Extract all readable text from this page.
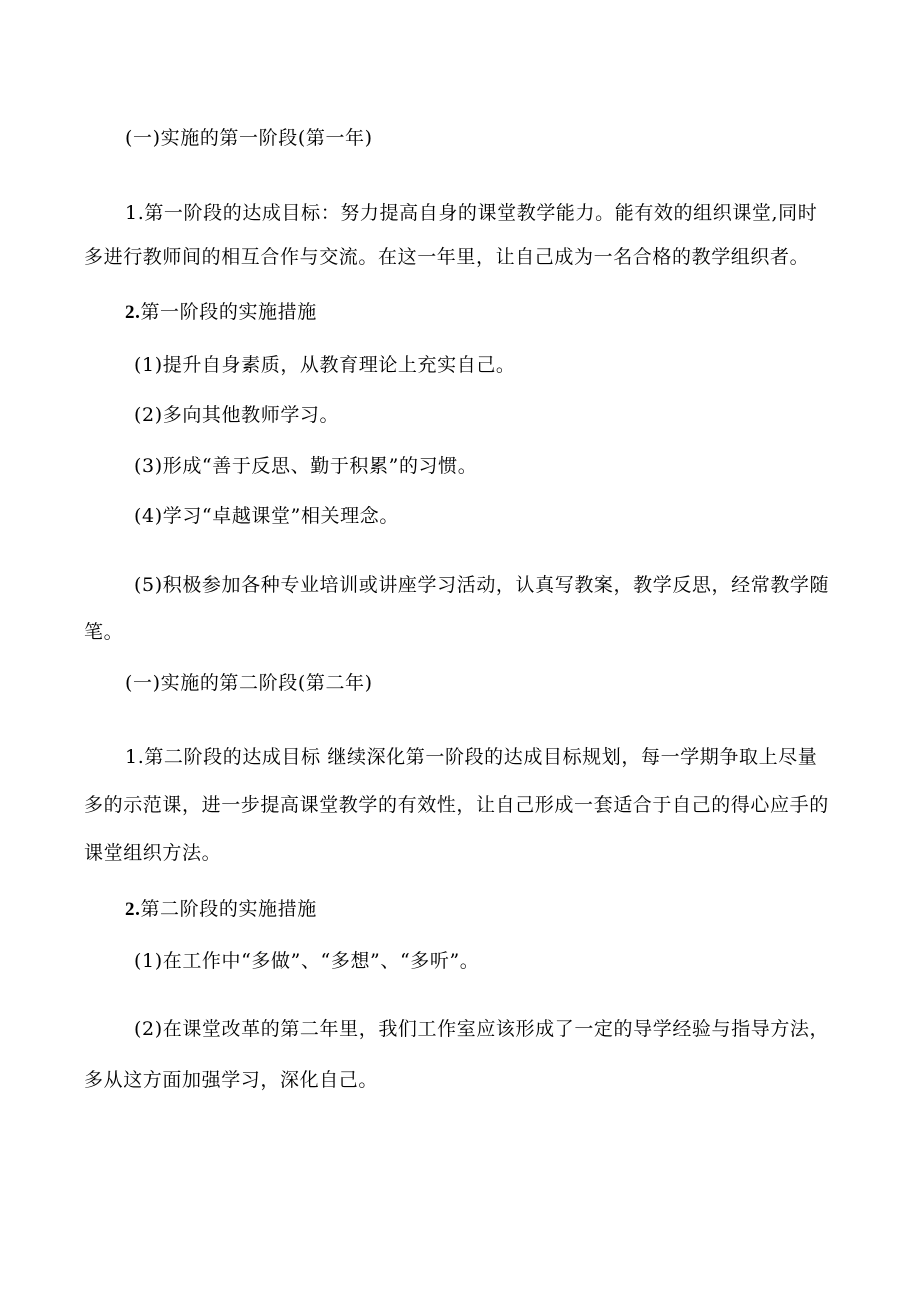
(一)实施的第一阶段(第一年)
1.第一阶段的达成目标：努力提高自身的课堂教学能力。能有效的组织课堂,同时
多进行教师间的相互合作与交流。在这一年里，让自己成为一名合格的教学组织者。
2.第一阶段的实施措施
(1)提升自身素质，从教育理论上充实自己。
(2)多向其他教师学习。
(3)形成“善于反思、勤于积累”的习惯。
(4)学习“卓越课堂”相关理念。
(5)积极参加各种专业培训或讲座学习活动，认真写教案，教学反思，经常教学随
笔。
(一)实施的第二阶段(第二年)
1.第二阶段的达成目标 继续深化第一阶段的达成目标规划，每一学期争取上尽量
多的示范课，进一步提高课堂教学的有效性，让自己形成一套适合于自己的得心应手的
课堂组织方法。
2.第二阶段的实施措施
(1)在工作中“多做”、“多想”、“多听”。
(2)在课堂改革的第二年里，我们工作室应该形成了一定的导学经验与指导方法，
多从这方面加强学习，深化自己。
